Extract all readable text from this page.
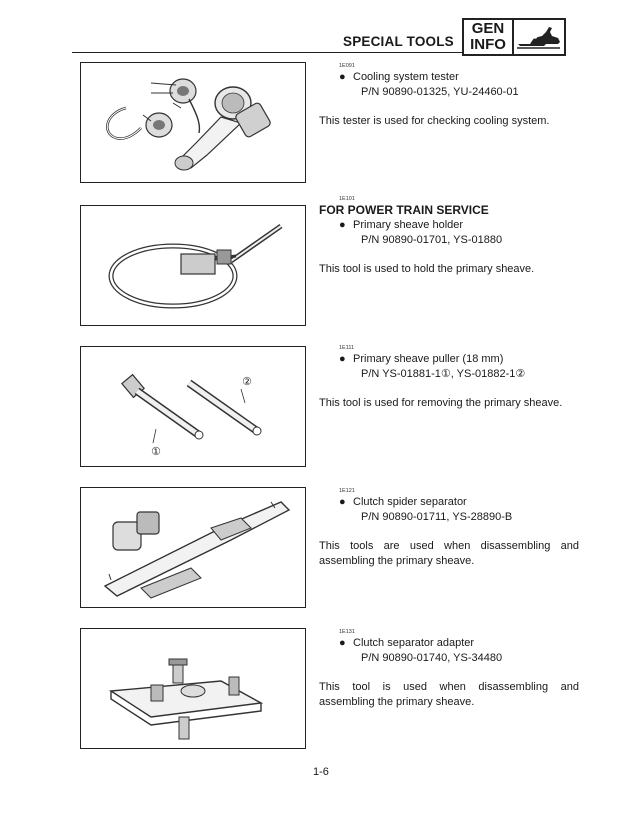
SPECIAL TOOLS
GEN
INFO
①
②
1E091
● Cooling system tester
P/N 90890-01325, YU-24460-01
This tester is used for checking cooling system.
1E101
FOR POWER TRAIN SERVICE
● Primary sheave holder
P/N 90890-01701, YS-01880
This tool is used to hold the primary sheave.
1E111
● Primary sheave puller (18 mm)
P/N YS-01881-1①, YS-01882-1②
This tool is used for removing the primary sheave.
1E121
● Clutch spider separator
P/N 90890-01711, YS-28890-B
This tools are used when disassembling and assembling the primary sheave.
1E131
● Clutch separator adapter
P/N 90890-01740, YS-34480
This tool is used when disassembling and assembling the primary sheave.
1-6
